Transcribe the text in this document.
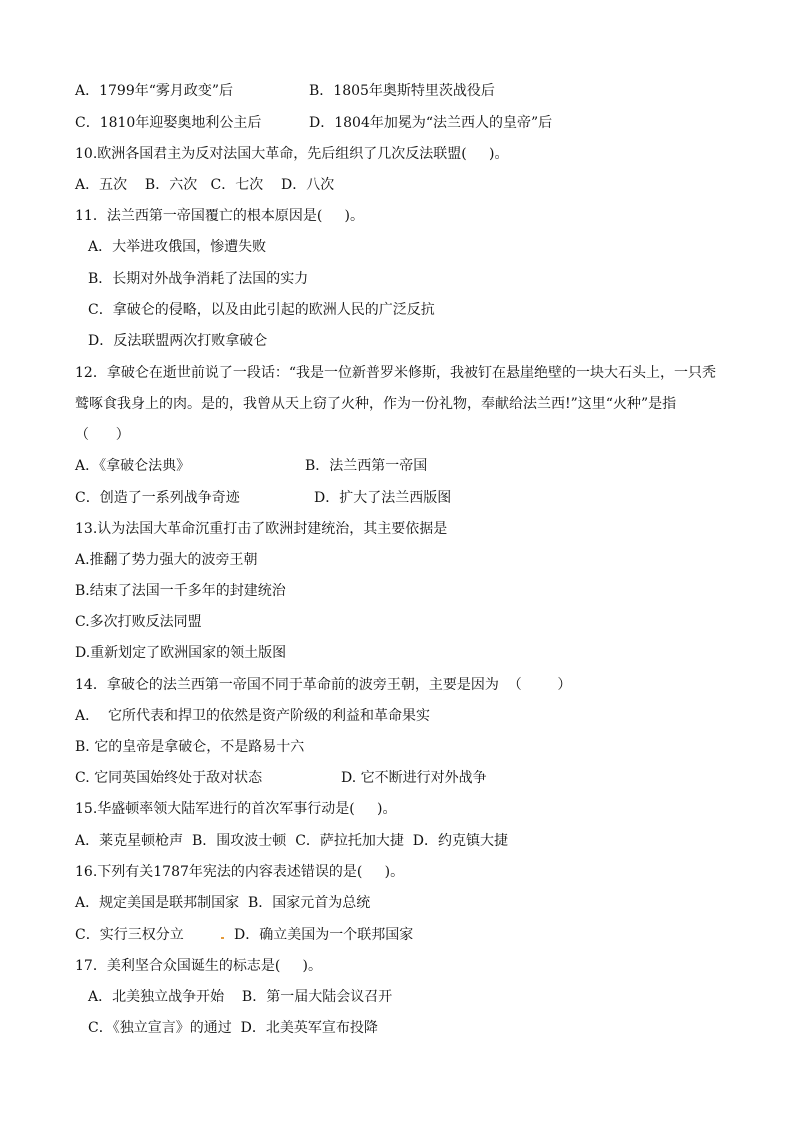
A．1799年“雾月政变”后	B．1805年奥斯特里茨战役后
C．1810年迎娶奥地利公主后	D．1804年加冕为“法兰西人的皇帝”后
10.欧洲各国君主为反对法国大革命，先后组织了几次反法联盟(     )。
A．五次    B．六次   C．七次    D．八次
11．法兰西第一帝国覆亡的根本原因是(     )。
A．大举进攻俄国，惨遭失败
B．长期对外战争消耗了法国的实力
C．拿破仑的侵略，以及由此引起的欧洲人民的广泛反抗
D．反法联盟两次打败拿破仑
12．拿破仑在逝世前说了一段话：“我是一位新普罗米修斯，我被钉在悬崖绝壁的一块大石头上，一只秃
鹫啄食我身上的肉。是的，我曾从天上窃了火种，作为一份礼物，奉献给法兰西!”这里“火种”是指
（      ）
A．《拿破仑法典》	B．法兰西第一帝国
C．创造了一系列战争奇迹	D．扩大了法兰西版图
13.认为法国大革命沉重打击了欧洲封建统治，其主要依据是
A.推翻了势力强大的波旁王朝
B.结束了法国一千多年的封建统治
C.多次打败反法同盟
D.重新划定了欧洲国家的领土版图
14．拿破仑的法兰西第一帝国不同于革命前的波旁王朝，主要是因为  （        ）
A．  它所代表和捍卫的依然是资产阶级的利益和革命果实
B. 它的皇帝是拿破仑，不是路易十六
C. 它同英国始终处于敌对状态	D. 它不断进行对外战争
15.华盛顿率领大陆军进行的首次军事行动是(     )。
A．莱克星顿枪声  B．围攻波士顿  C．萨拉托加大捷  D．约克镇大捷
16.下列有关1787年宪法的内容表述错误的是(     )。
A．规定美国是联邦制国家  B．国家元首为总统
C．实行三权分立	D．确立美国为一个联邦国家
17．美利坚合众国诞生的标志是(     )。
A．北美独立战争开始    B．第一届大陆会议召开
C．《独立宣言》的通过  D．北美英军宣布投降
